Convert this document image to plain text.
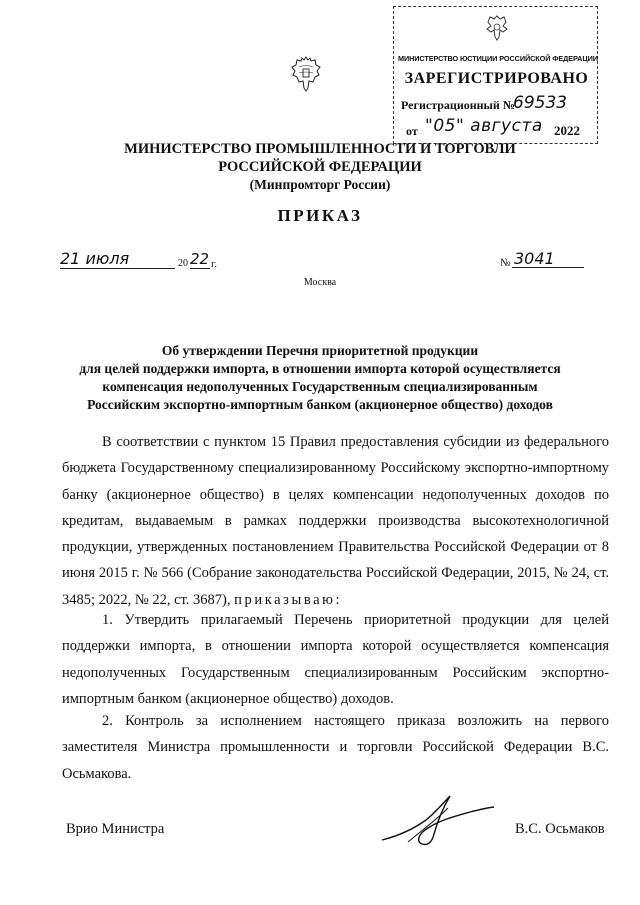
МИНИСТЕРСТВО ЮСТИЦИИ РОССИЙСКОЙ ФЕДЕРАЦИИ
ЗАРЕГИСТРИРОВАНО
Регистрационный №
69533
от "05" августа 2022
МИНИСТЕРСТВО ПРОМЫШЛЕННОСТИ И ТОРГОВЛИ
РОССИЙСКОЙ ФЕДЕРАЦИИ
(Минпромторг России)
ПРИКАЗ
21 июля	20 22 г.	№ 3041
Москва
Об утверждении Перечня приоритетной продукции
для целей поддержки импорта, в отношении импорта которой осуществляется
компенсация недополученных Государственным специализированным
Российским экспортно-импортным банком (акционерное общество) доходов
В соответствии с пунктом 15 Правил предоставления субсидии из федерального бюджета Государственному специализированному Российскому экспортно-импортному банку (акционерное общество) в целях компенсации недополученных доходов по кредитам, выдаваемым в рамках поддержки производства высокотехнологичной продукции, утвержденных постановлением Правительства Российской Федерации от 8 июня 2015 г. № 566 (Собрание законодательства Российской Федерации, 2015, № 24, ст. 3485; 2022, № 22, ст. 3687), приказываю:
1. Утвердить прилагаемый Перечень приоритетной продукции для целей поддержки импорта, в отношении импорта которой осуществляется компенсация недополученных Государственным специализированным Российским экспортно-импортным банком (акционерное общество) доходов.
2. Контроль за исполнением настоящего приказа возложить на первого заместителя Министра промышленности и торговли Российской Федерации В.С. Осьмакова.
Врио Министра	В.С. Осьмаков
